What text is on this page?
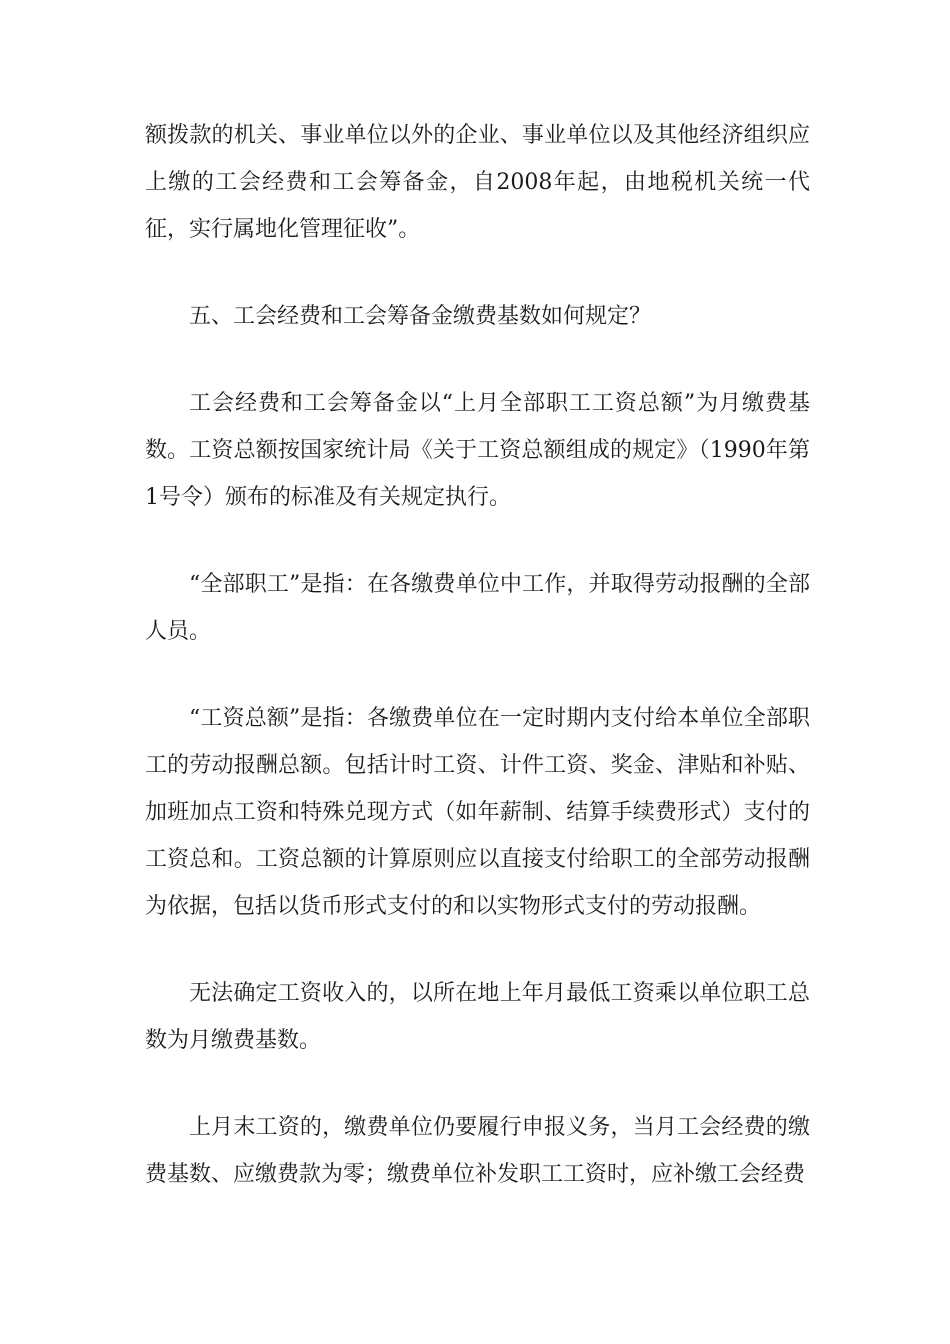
额拨款的机关、事业单位以外的企业、事业单位以及其他经济组织应上缴的工会经费和工会筹备金，自2008年起，由地税机关统一代征，实行属地化管理征收”。

五、工会经费和工会筹备金缴费基数如何规定？

工会经费和工会筹备金以“上月全部职工工资总额”为月缴费基数。工资总额按国家统计局《关于工资总额组成的规定》（1990年第1号令）颁布的标准及有关规定执行。

“全部职工”是指：在各缴费单位中工作，并取得劳动报酬的全部人员。

“工资总额”是指：各缴费单位在一定时期内支付给本单位全部职工的劳动报酬总额。包括计时工资、计件工资、奖金、津贴和补贴、加班加点工资和特殊兑现方式（如年薪制、结算手续费形式）支付的工资总和。工资总额的计算原则应以直接支付给职工的全部劳动报酬为依据，包括以货币形式支付的和以实物形式支付的劳动报酬。

无法确定工资收入的，以所在地上年月最低工资乘以单位职工总数为月缴费基数。

上月末工资的，缴费单位仍要履行申报义务，当月工会经费的缴费基数、应缴费款为零；缴费单位补发职工工资时，应补缴工会经费
